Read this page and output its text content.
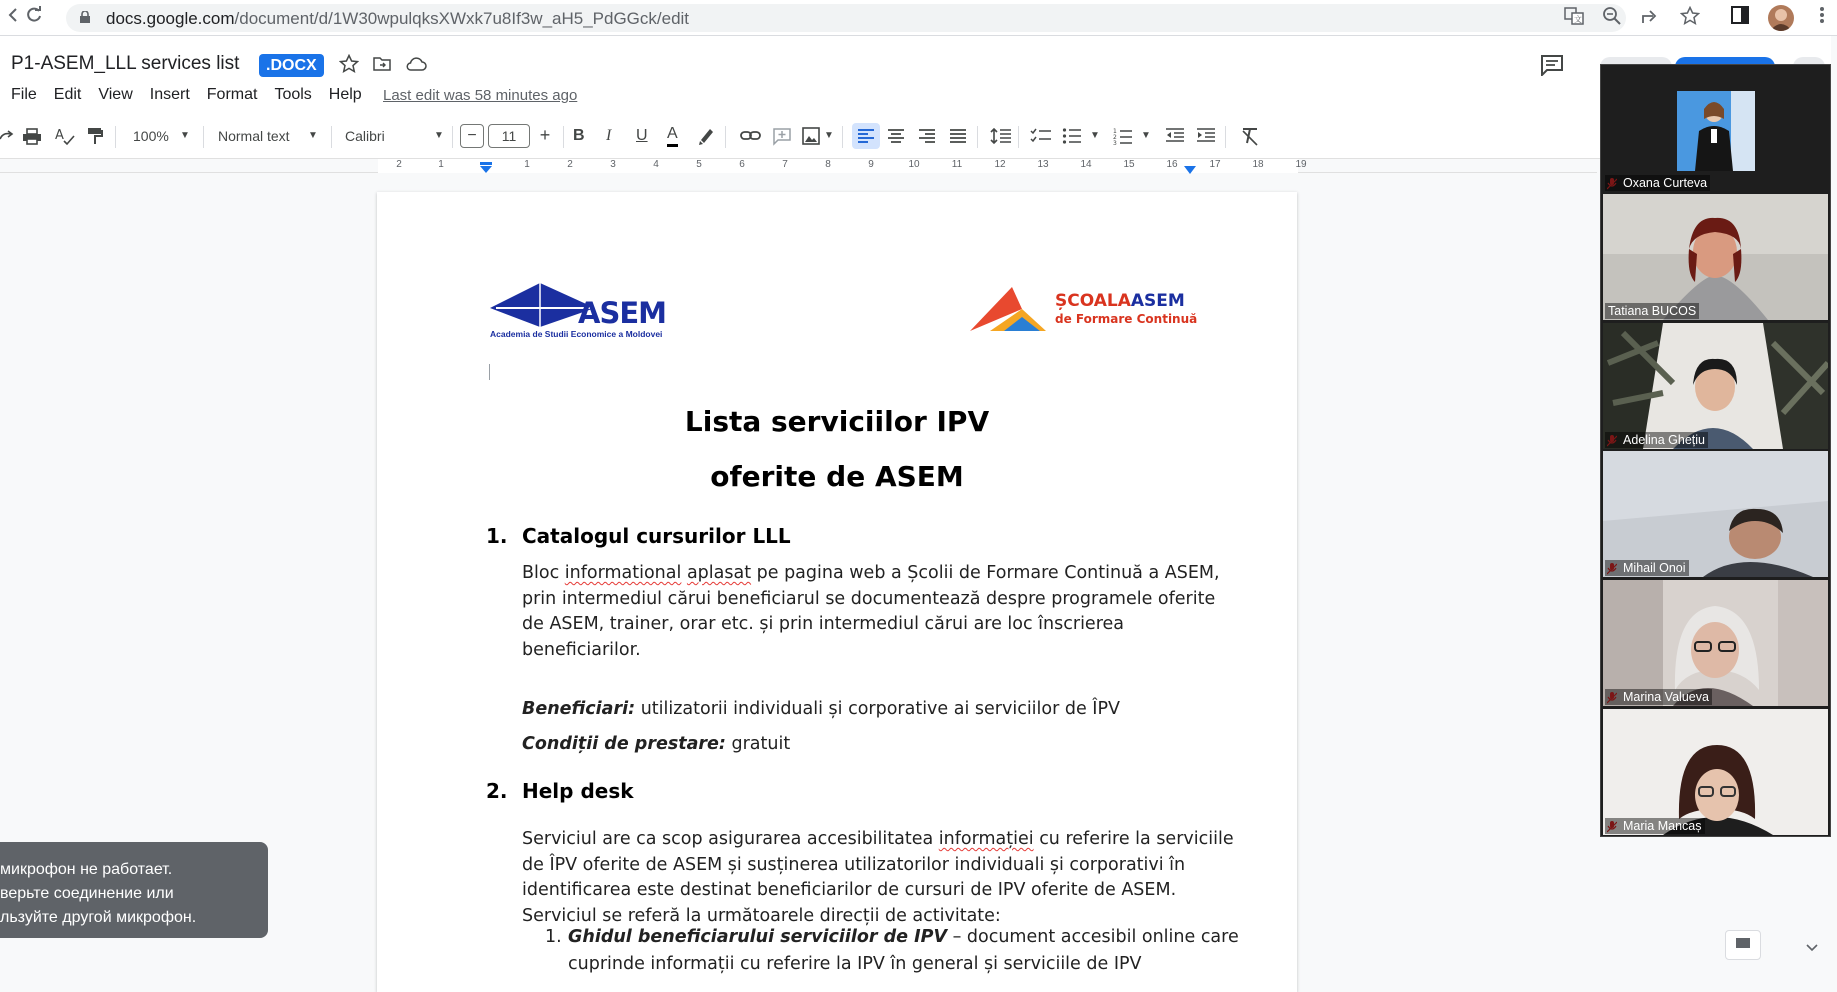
docs.google.com/document/d/1W30wpulqksXWxk7u8If3w_aH5_PdGGck/edit	文
P1-ASEM_LLL services list	.DOCX
File Edit View Insert Format Tools Help Last edit was 58 minutes ago
A	100% ▼ Normal text ▼ Calibri	▼	−	11	+	B I U A	▼	▼ 1
2
3
▼
2	1	1	2	3	4	5	6	7	8	9	10	11	12	13	14	15	16	17	18	19
ASEM
Academia de Studii Economice a Moldovei
ȘCOALAASEM
de Formare Continuă
Lista serviciilor IPV
oferite de ASEM
1. Catalogul cursurilor LLL
Bloc informational aplasat pe pagina web a Școlii de Formare Continuă a ASEM,
prin intermediul cărui beneficiarul se documentează despre programele oferite
de ASEM, trainer, orar etc. și prin intermediul cărui are loc înscrierea
beneficiarilor.
Beneficiari: utilizatorii individuali și corporative ai serviciilor de ÎPV
Condiții de prestare: gratuit
2. Help desk
Serviciul are ca scop asigurarea accesibilitatea informației cu referire la serviciile
de ÎPV oferite de ASEM și susținerea utilizatorilor individuali și corporativi în
identificarea este destinat beneficiarilor de cursuri de IPV oferite de ASEM.
Serviciul se referă la următoarele direcții de activitate:
1. Ghidul beneficiarului serviciilor de IPV – document accesibil online care
cuprinde informații cu referire la IPV în general și serviciile de IPV
микрофон не работает.
верьте соединение или
льзуйте другой микрофон.
Oxana Curteva
Tatiana BUCOS
Adelina Ghețiu
Mihail Onoi
Marina Valueva
Maria Mancaș
